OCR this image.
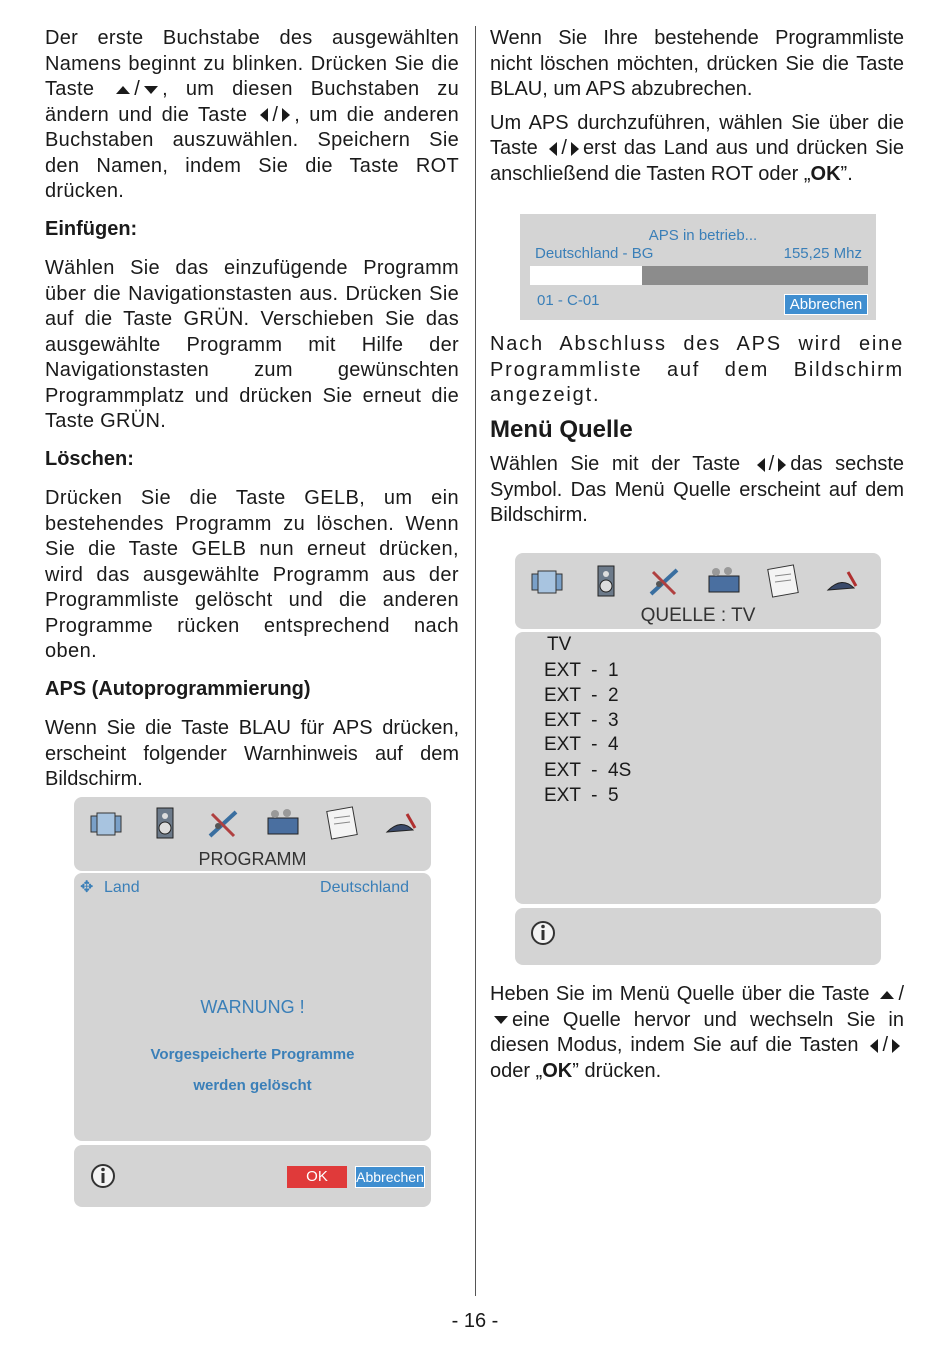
Der erste Buchstabe des ausgewählten Namens beginnt zu blinken. Drücken Sie die Taste / , um diesen Buchstaben zu ändern und die Taste / , um die anderen Buchstaben auszuwählen. Speichern Sie den Namen, indem Sie die Taste ROT drücken.

Einfügen:

Wählen Sie das einzufügende Programm über die Navigationstasten aus. Drücken Sie auf die Taste GRÜN. Verschieben Sie das ausgewählte Programm mit Hilfe der Navigationstasten zum gewünschten Programmplatz und drücken Sie erneut die Taste GRÜN.

Löschen:

Drücken Sie die Taste GELB, um ein bestehendes Programm zu löschen. Wenn Sie die Taste GELB nun erneut drücken, wird das ausgewählte Programm aus der Programmliste gelöscht und die anderen Programme rücken entsprechend nach oben.

APS (Autoprogrammierung)

Wenn Sie die Taste BLAU für APS drücken, erscheint folgender Warnhinweis auf dem Bildschirm.

PROGRAMM
✥ Land	Deutschland
WARNUNG !
Vorgespeicherte Programme
werden gelöscht
OK	Abbrechen

Wenn Sie Ihre bestehende Programmliste nicht löschen möchten, drücken Sie die Taste BLAU, um APS abzubrechen.

Um APS durchzuführen, wählen Sie über die Taste / erst das Land aus und drücken Sie anschließend die Tasten ROT oder „OK”.

APS in betrieb...
Deutschland - BG	155,25 Mhz
01 - C-01	Abbrechen

Nach Abschluss des APS wird eine Programmliste auf dem Bildschirm angezeigt.

Menü Quelle

Wählen Sie mit der Taste / das sechste Symbol. Das Menü Quelle erscheint auf dem Bildschirm.

QUELLE : TV
TV
EXT  -  1
EXT  -  2
EXT  -  3
EXT  -  4
EXT  -  4S
EXT  -  5

Heben Sie im Menü Quelle über die Taste /eine Quelle hervor und wechseln Sie in diesen Modus, indem Sie auf die Tasten /oder „OK” drücken.

- 16 -
